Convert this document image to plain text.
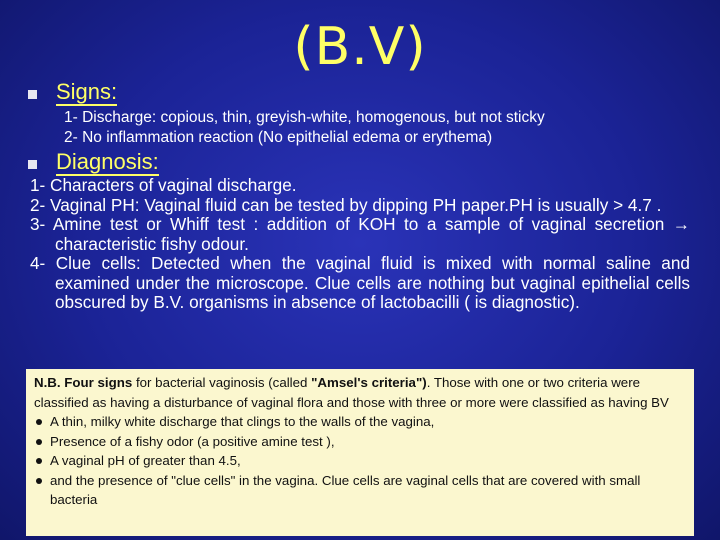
(B.V)
Signs:
1- Discharge: copious, thin, greyish-white, homogenous, but not sticky
2- No inflammation reaction (No epithelial edema or erythema)
Diagnosis:
1- Characters of vaginal discharge.
2- Vaginal PH: Vaginal fluid can be tested by dipping PH paper.PH is usually > 4.7 .
3- Amine test or Whiff test : addition of KOH to a sample of vaginal secretion → characteristic fishy odour.
4- Clue cells: Detected when the vaginal fluid is mixed with normal saline and examined under the microscope. Clue cells are nothing but vaginal epithelial cells obscured by B.V. organisms in absence of lactobacilli ( is diagnostic).

N.B. Four signs for bacterial vaginosis (called "Amsel's criteria"). Those with one or two criteria were classified as having a disturbance of vaginal flora and those with three or more were classified as having BV

A thin, milky white discharge that clings to the walls of the vagina,
Presence of a fishy odor (a positive amine test ),
A vaginal pH of greater than 4.5,
and the presence of "clue cells" in the vagina. Clue cells are vaginal cells that are covered with small bacteria
